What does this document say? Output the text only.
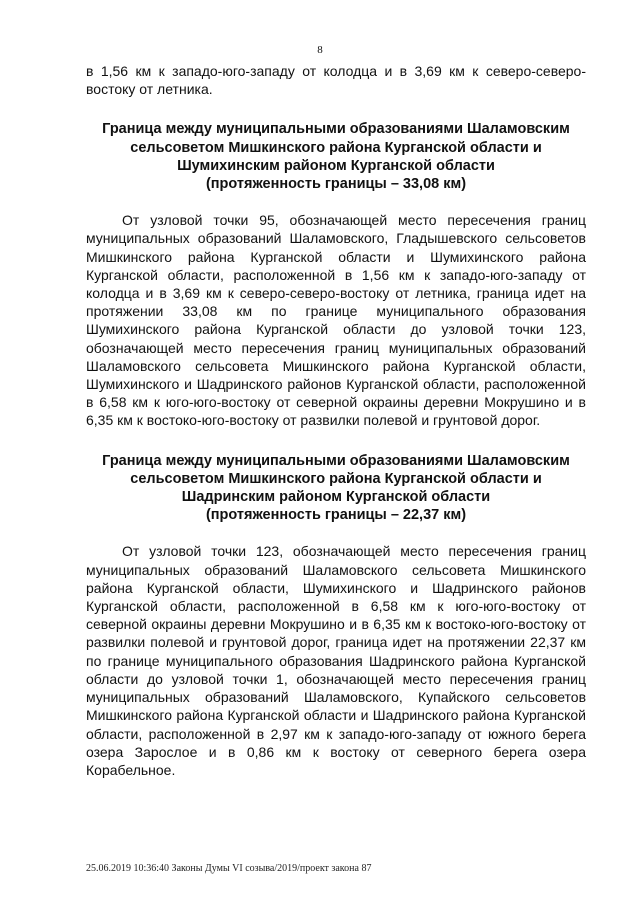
8

в 1,56 км к западо-юго-западу от колодца и в 3,69 км к северо-северо-востоку от летника.

Граница между муниципальными образованиями Шаламовским
сельсоветом Мишкинского района Курганской области и
Шумихинским районом Курганской области
(протяженность границы – 33,08 км)

От узловой точки 95, обозначающей место пересечения границ муниципальных образований Шаламовского, Гладышевского сельсоветов Мишкинского района Курганской области и Шумихинского района Курганской области, расположенной в 1,56 км к западо-юго-западу от колодца и в 3,69 км к северо-северо-востоку от летника, граница идет на протяжении 33,08 км по границе муниципального образования Шумихинского района Курганской области до узловой точки 123, обозначающей место пересечения границ муниципальных образований Шаламовского сельсовета Мишкинского района Курганской области, Шумихинского и Шадринского районов Курганской области, расположенной в 6,58 км к юго-юго-востоку от северной окраины деревни Мокрушино и в 6,35 км к востоко-юго-востоку от развилки полевой и грунтовой дорог.

Граница между муниципальными образованиями Шаламовским
сельсоветом Мишкинского района Курганской области и
Шадринским районом Курганской области
(протяженность границы – 22,37 км)

От узловой точки 123, обозначающей место пересечения границ муниципальных образований Шаламовского сельсовета Мишкинского района Курганской области, Шумихинского и Шадринского районов Курганской области, расположенной в 6,58 км к юго-юго-востоку от северной окраины деревни Мокрушино и в 6,35 км к востоко-юго-востоку от развилки полевой и грунтовой дорог, граница идет на протяжении 22,37 км по границе муниципального образования Шадринского района Курганской области до узловой точки 1, обозначающей место пересечения границ муниципальных образований Шаламовского, Купайского сельсоветов Мишкинского района Курганской области и Шадринского района Курганской области, расположенной в 2,97 км к западо-юго-западу от южного берега озера Зарослое и в 0,86 км к востоку от северного берега озера Корабельное.

25.06.2019 10:36:40 Законы Думы VI созыва/2019/проект закона 87
